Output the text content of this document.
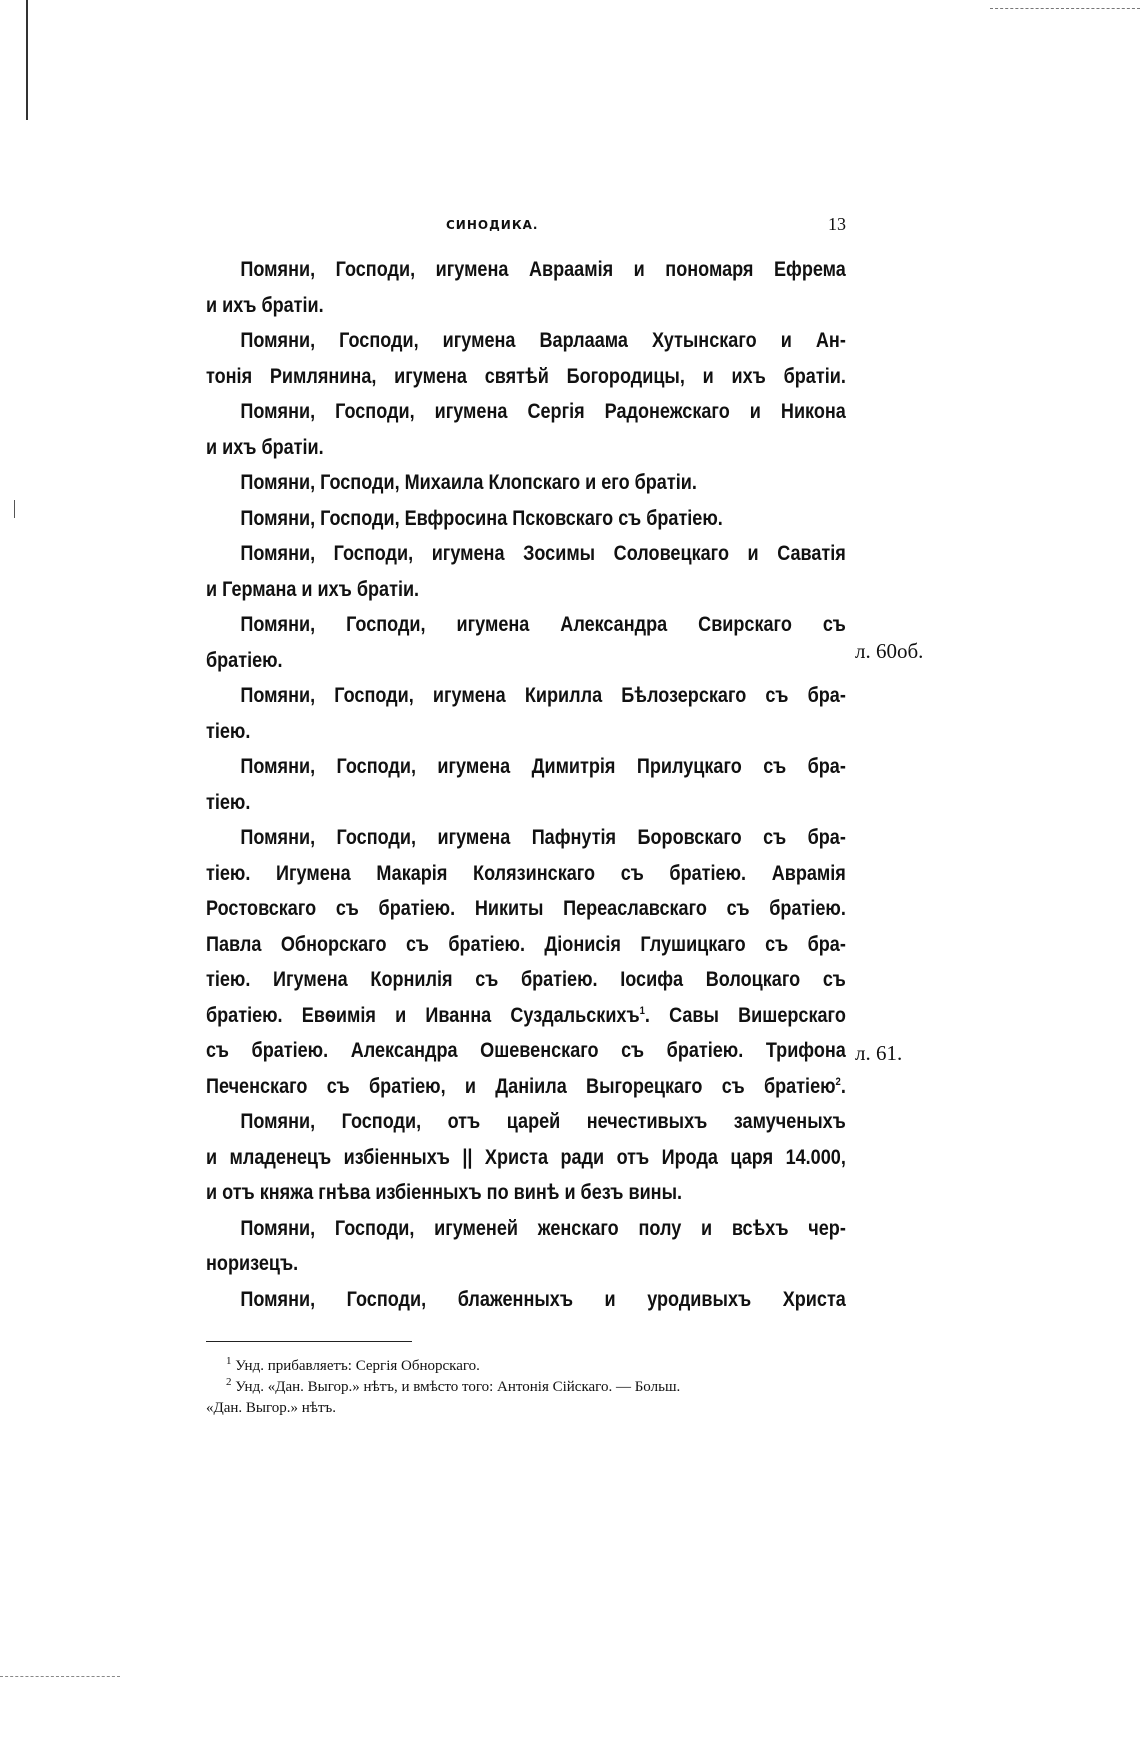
СИНОДИКА.	13
Помяни, Господи, игумена Авраамія и пономаря Ефрема
и ихъ братіи.
Помяни, Господи, игумена Варлаама Хутынскаго и Ан-
тонія Римлянина, игумена святѣй Богородицы, и ихъ братіи.
Помяни, Господи, игумена Сергія Радонежскаго и Никона
и ихъ братіи.
Помяни, Господи, Михаила Клопскаго и его братіи.
Помяни, Господи, Евфросина Псковскаго съ братіею.
Помяни, Господи, игумена Зосимы Соловецкаго и Саватія
и Германа и ихъ братіи.
Помяни, Господи, игумена Александра Свирскаго съ
братіею.
Помяни, Господи, игумена Кирилла Бѣлозерскаго съ бра-
тіею.
Помяни, Господи, игумена Димитрія Прилуцкаго съ бра-
тіею.
Помяни, Господи, игумена Пафнутія Боровскаго съ бра-
тіею. Игумена Макарія Колязинскаго съ братіею. Аврамія
Ростовскаго съ братіею. Никиты Переаславскаго съ братіею.
Павла Обнорскаго съ братіею. Діонисія Глушицкаго съ бра-
тіею. Игумена Корнилія съ братіею. Іосифа Волоцкаго съ
братіею. Евѳимія и Иванна Суздальскихъ$^1$. Савы Вишерскаго
съ братіею. Александра Ошевенскаго съ братіею. Трифона
Печенскаго съ братіею, и Даніила Выгорецкаго съ братіею$^2$.
Помяни, Господи, отъ царей нечестивыхъ замученыхъ
и младенецъ избіенныхъ || Христа ради отъ Ирода царя 14.000,
и отъ княжа гнѣва избіенныхъ по винѣ и безъ вины.
Помяни, Господи, игуменей женскаго полу и всѣхъ чер-
норизецъ.
Помяни, Господи, блаженныхъ и уродивыхъ Христа
$^1$ Унд. прибавляетъ: Сергія Обнорскаго.
$^2$ Унд. «Дан. Выгор.» нѣтъ, и вмѣсто того: Антонія Сійскаго. — Больш.
«Дан. Выгор.» нѣтъ.
л. 60об.
л. 61.
